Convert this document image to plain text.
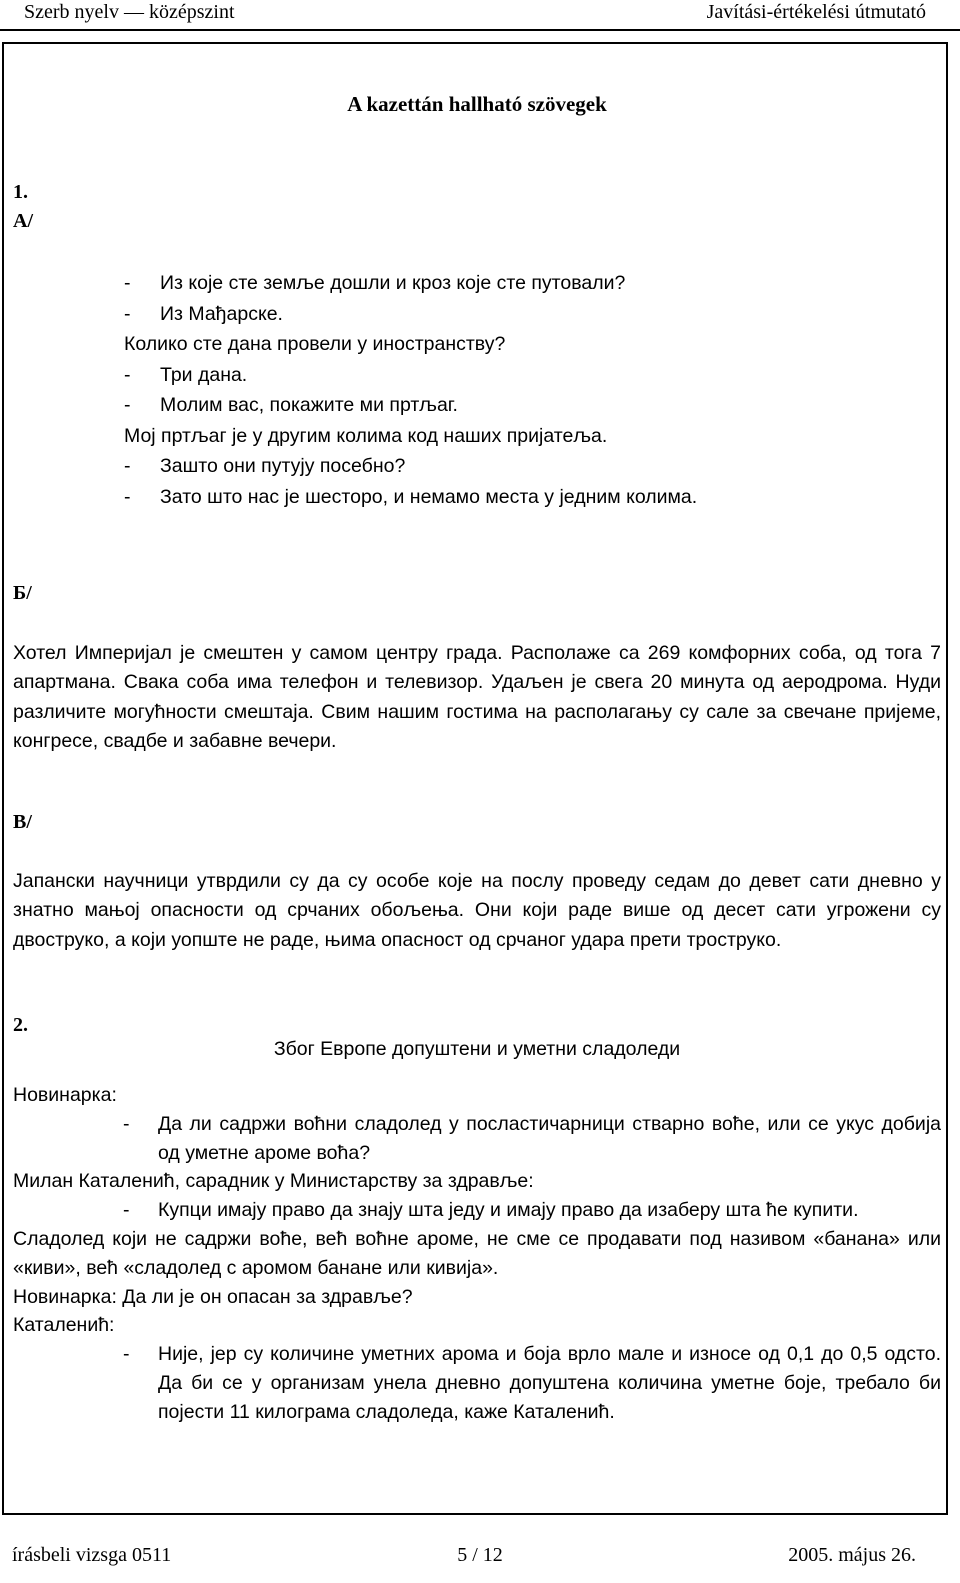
Szerb nyelv — középszint	Javítási-értékelési útmutató
A kazettán hallható szövegek
1.
А/
- Из које сте земље дошли и кроз које сте путовали?
- Из Мађарске.
Колико сте дана провели у иностранству?
- Три дана.
- Молим вас, покажите ми пртљаг.
Мој пртљаг је у другим колима код наших пријатеља.
- Зашто они путују посебно?
- Зато што нас је шесторо, и немамо места у једним колима.
Б/
Хотел Империјал је смештен у самом центру града. Располаже са 269 комфорних соба, од тога 7 апартмана. Свака соба има телефон и телевизор. Удаљен је свега 20 минута од аеродрома. Нуди различите могућности смештаја. Свим нашим гостима на располагању су сале за свечане пријеме, конгресе, свадбе и забавне вечери.
В/
Јапански научници утврдили су да су особе које на послу проведу седам до девет сати дневно у знатно мањој опасности од срчаних обољења. Они који раде више од десет сати угрожени су двоструко, а који уопште не раде, њима опасност од срчаног удара прети троструко.
2.
Због Европе допуштени и уметни сладоледи
Новинарка:
- Да ли садржи воћни сладолед у посластичарници стварно воће, или се укус добија од уметне ароме воћа?
Милан Каталенић, сарадник у Министарству за здравље:
- Купци имају право да знају шта једу и имају право да изаберу шта ће купити.
Сладолед који не садржи воће, већ воћне ароме, не сме се продавати под називом «банана» или «киви», већ «сладолед с аромом банане или кивија».
Новинарка: Да ли је он опасан за здравље?
Каталенић:
- Није, јер су количине уметних арома и боја врло мале и износе од 0,1 до 0,5 одсто. Да би се у организам унела дневно допуштена количина уметне боје, требало би појести 11 килограма сладоледа, каже Каталенић.
írásbeli vizsga 0511	5 / 12	2005. május 26.
